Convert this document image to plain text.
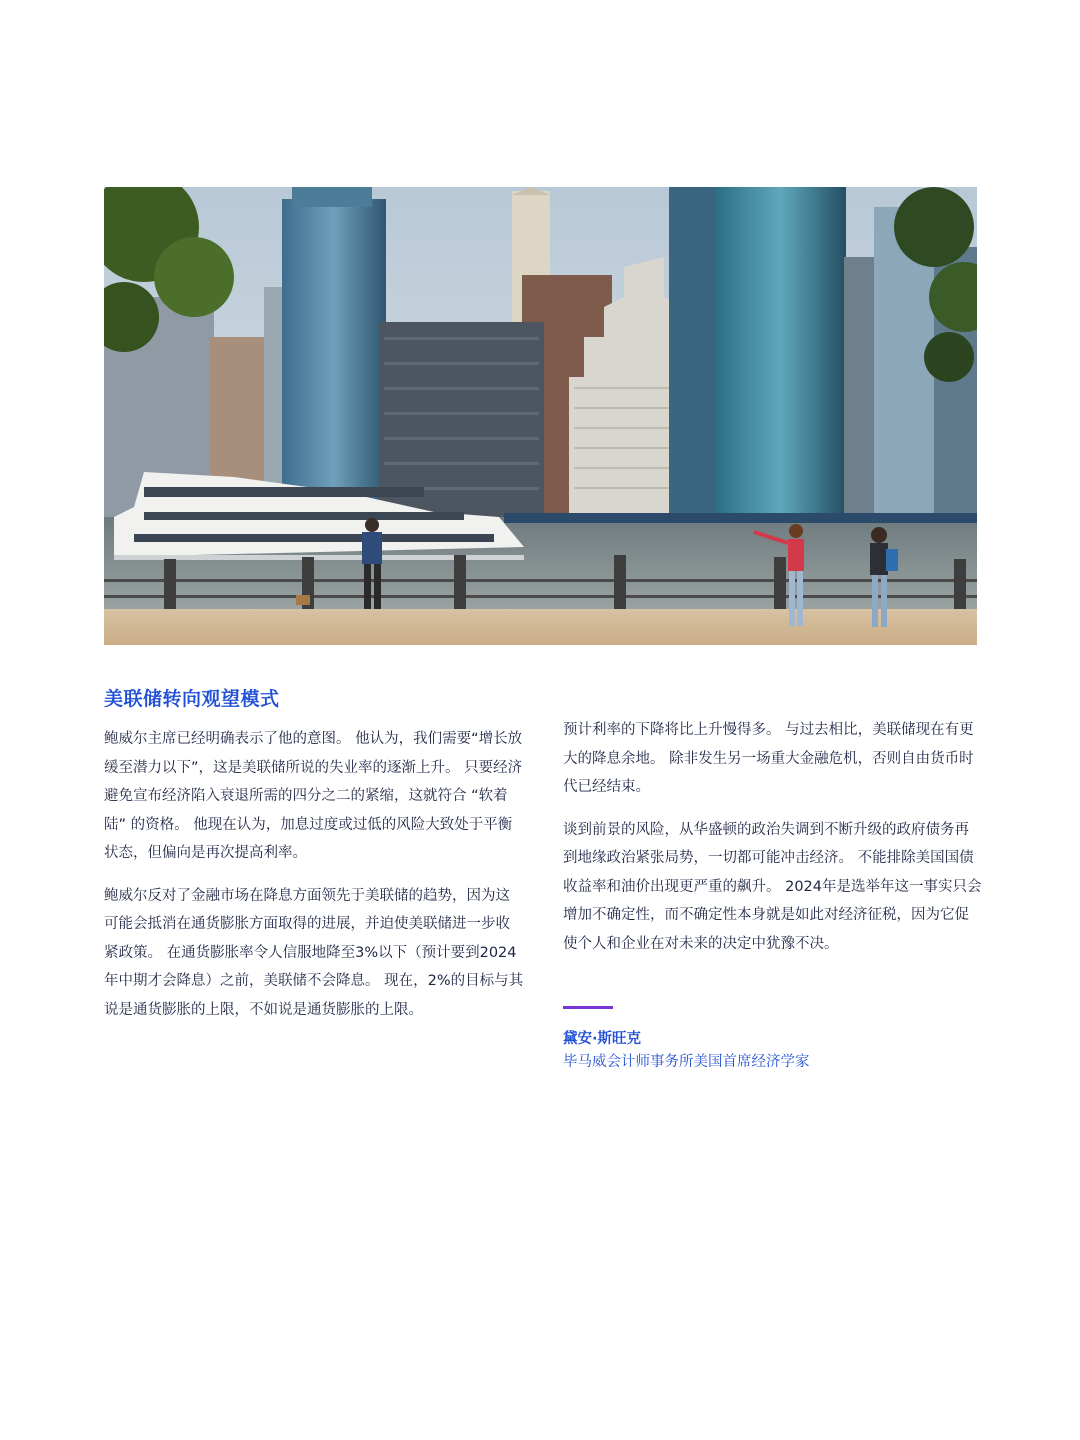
美联储转向观望模式

鲍威尔主席已经明确表示了他的意图。 他认为，我们需要“增长放缓至潜力以下”，这是美联储所说的失业率的逐渐上升。 只要经济避免宣布经济陷入衰退所需的四分之二的紧缩，这就符合 “软着陆” 的资格。 他现在认为，加息过度或过低的风险大致处于平衡状态，但偏向是再次提高利率。

鲍威尔反对了金融市场在降息方面领先于美联储的趋势，因为这可能会抵消在通货膨胀方面取得的进展，并迫使美联储进一步收紧政策。 在通货膨胀率令人信服地降至3%以下（预计要到2024年中期才会降息）之前，美联储不会降息。 现在，2%的目标与其说是通货膨胀的上限，不如说是通货膨胀的上限。

预计利率的下降将比上升慢得多。 与过去相比，美联储现在有更大的降息余地。 除非发生另一场重大金融危机，否则自由货币时代已经结束。

谈到前景的风险，从华盛顿的政治失调到不断升级的政府债务再到地缘政治紧张局势，一切都可能冲击经济。 不能排除美国国债收益率和油价出现更严重的飙升。 2024年是选举年这一事实只会增加不确定性，而不确定性本身就是如此对经济征税，因为它促使个人和企业在对未来的决定中犹豫不决。

黛安·斯旺克
毕马威会计师事务所美国首席经济学家
